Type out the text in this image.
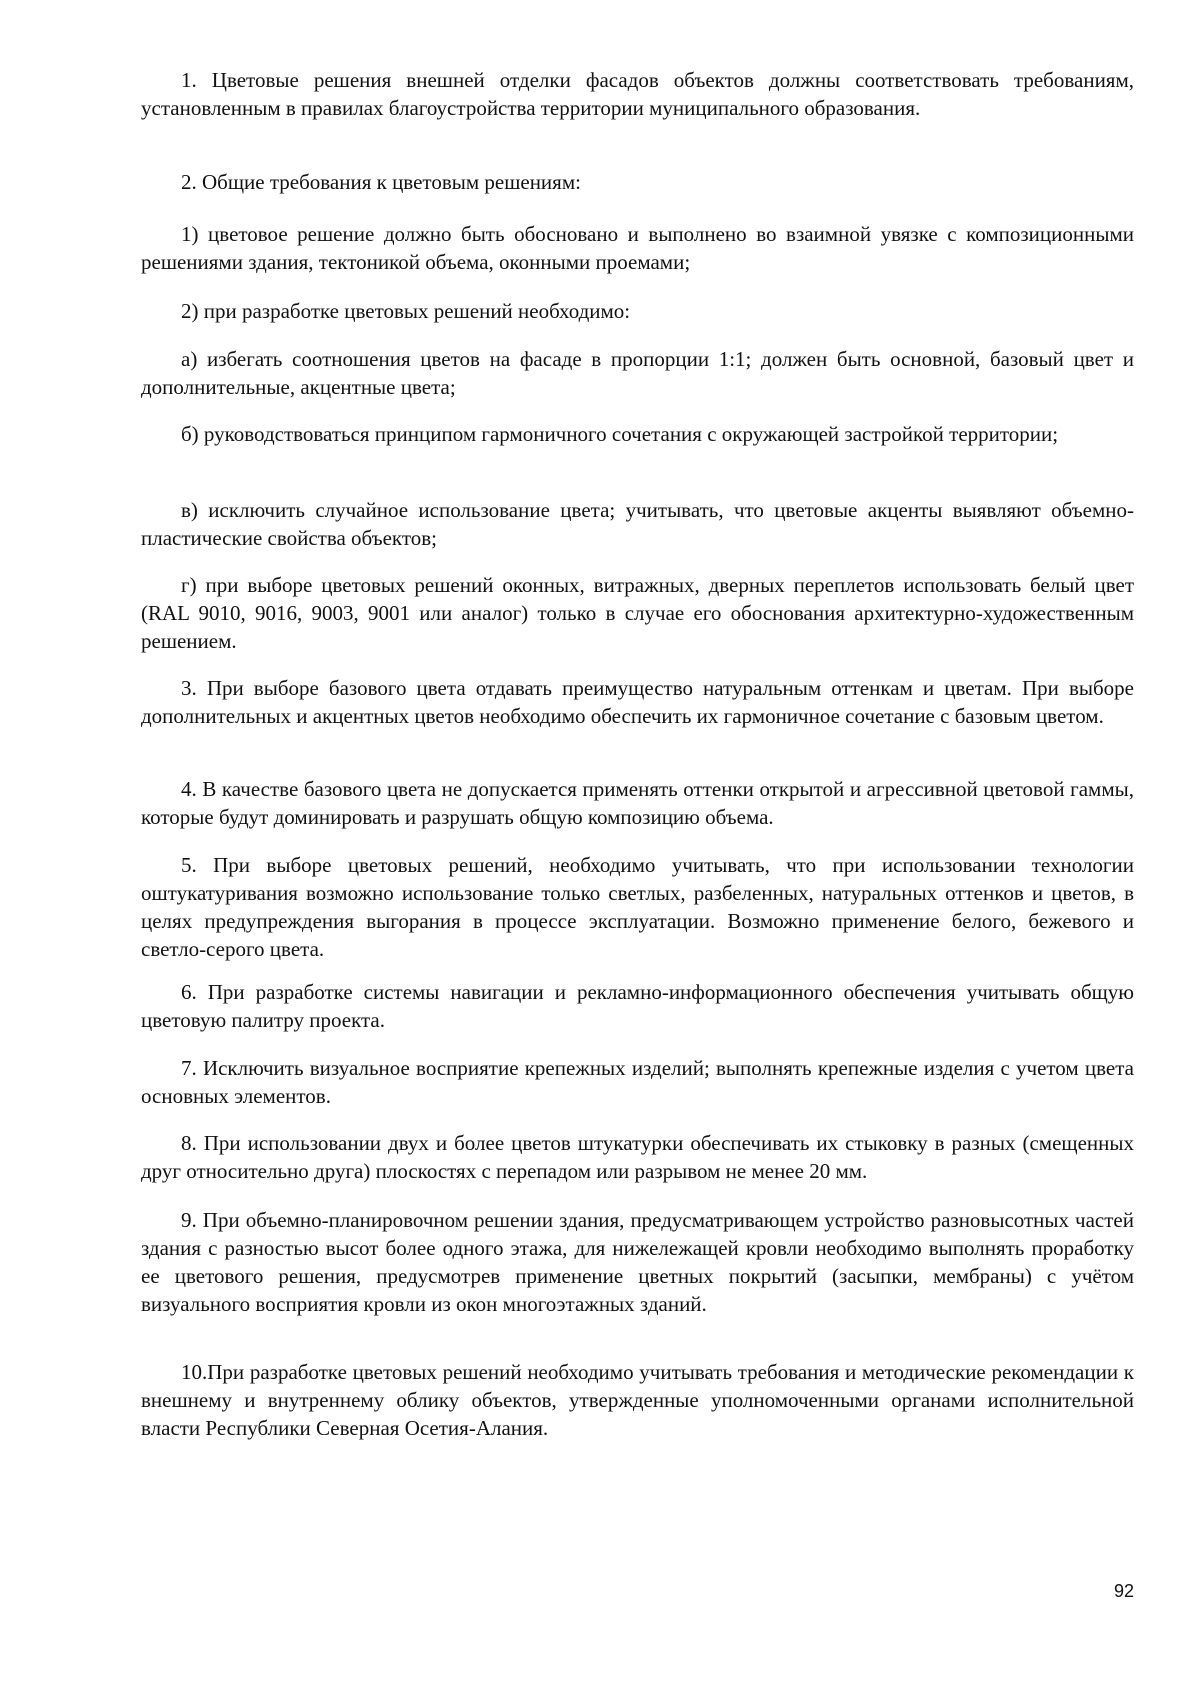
1. Цветовые решения внешней отделки фасадов объектов должны соответствовать требованиям, установленным в правилах благоустройства территории муниципального образования.

2. Общие требования к цветовым решениям:

1) цветовое решение должно быть обосновано и выполнено во взаимной увязке с композиционными решениями здания, тектоникой объема, оконными проемами;

2) при разработке цветовых решений необходимо:

а) избегать соотношения цветов на фасаде в пропорции 1:1; должен быть основной, базовый цвет и дополнительные, акцентные цвета;

б) руководствоваться принципом гармоничного сочетания с окружающей застройкой территории;

в) исключить случайное использование цвета; учитывать, что цветовые акценты выявляют объемно-пластические свойства объектов;

г) при выборе цветовых решений оконных, витражных, дверных переплетов использовать белый цвет (RAL 9010, 9016, 9003, 9001 или аналог) только в случае его обоснования архитектурно-художественным решением.

3. При выборе базового цвета отдавать преимущество натуральным оттенкам и цветам. При выборе дополнительных и акцентных цветов необходимо обеспечить их гармоничное сочетание с базовым цветом.

4. В качестве базового цвета не допускается применять оттенки открытой и агрессивной цветовой гаммы, которые будут доминировать и разрушать общую композицию объема.

5. При выборе цветовых решений, необходимо учитывать, что при использовании технологии оштукатуривания возможно использование только светлых, разбеленных, натуральных оттенков и цветов, в целях предупреждения выгорания в процессе эксплуатации. Возможно применение белого, бежевого и светло-серого цвета.

6. При разработке системы навигации и рекламно-информационного обеспечения учитывать общую цветовую палитру проекта.

7. Исключить визуальное восприятие крепежных изделий; выполнять крепежные изделия с учетом цвета основных элементов.

8. При использовании двух и более цветов штукатурки обеспечивать их стыковку в разных (смещенных друг относительно друга) плоскостях с перепадом или разрывом не менее 20 мм.

9. При объемно-планировочном решении здания, предусматривающем устройство разновысотных частей здания с разностью высот более одного этажа, для нижележащей кровли необходимо выполнять проработку ее цветового решения, предусмотрев применение цветных покрытий (засыпки, мембраны) с учётом визуального восприятия кровли из окон многоэтажных зданий.

10.При разработке цветовых решений необходимо учитывать требования и методические рекомендации к внешнему и внутреннему облику объектов, утвержденные уполномоченными органами исполнительной власти Республики Северная Осетия-Алания.

92
